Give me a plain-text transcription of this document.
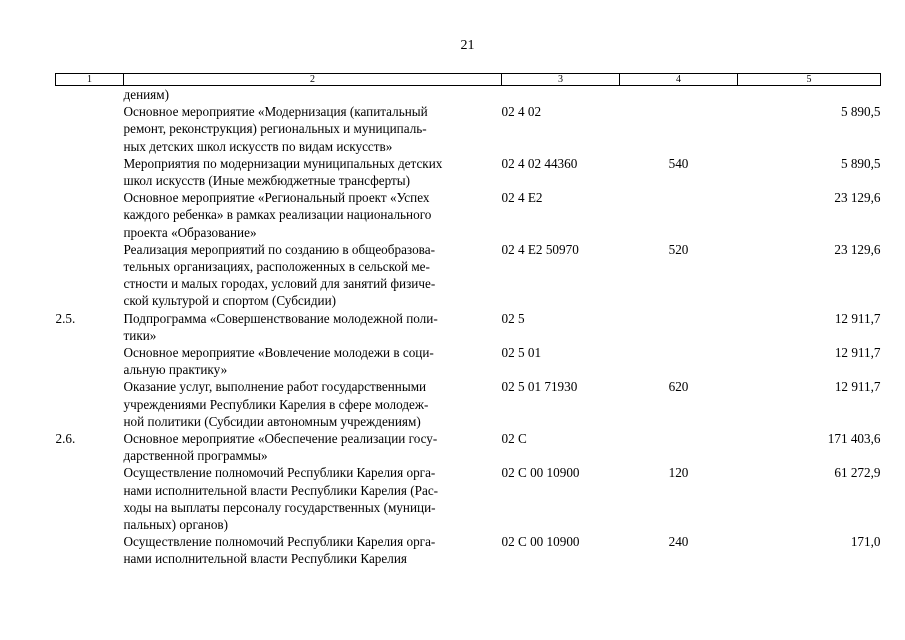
21
1	2	3	4	5

	дениям)			

	Основное мероприятие «Модернизация (капитальный
ремонт, реконструкция) региональных и муниципаль-
ных детских школ искусств по видам искусств»	02 4 02		5 890,5

	Мероприятия по модернизации муниципальных детских
школ искусств (Иные межбюджетные трансферты)	02 4 02 44360	540	5 890,5

	Основное мероприятие «Региональный проект «Успех
каждого ребенка» в рамках реализации национального
проекта «Образование»	02 4 E2		23 129,6

	Реализация мероприятий по созданию в общеобразова-
тельных организациях, расположенных в сельской ме-
стности и малых городах, условий для занятий физиче-
ской культурой и спортом (Субсидии)	02 4 E2 50970	520	23 129,6
2.5.	Подпрограмма «Совершенствование молодежной поли-
тики»	02 5		12 911,7

	Основное мероприятие «Вовлечение молодежи в соци-
альную практику»	02 5 01		12 911,7

	Оказание услуг, выполнение работ государственными
учреждениями Республики Карелия в сфере молодеж-
ной политики (Субсидии автономным учреждениям)	02 5 01 71930	620	12 911,7
2.6.	Основное мероприятие «Обеспечение реализации госу-
дарственной программы»	02 С		171 403,6

	Осуществление полномочий Республики Карелия орга-
нами исполнительной власти Республики Карелия (Рас-
ходы на выплаты персоналу государственных (муници-
пальных) органов)	02 С 00 10900	120	61 272,9

	Осуществление полномочий Республики Карелия орга-
нами исполнительной власти Республики Карелия	02 С 00 10900	240	171,0
